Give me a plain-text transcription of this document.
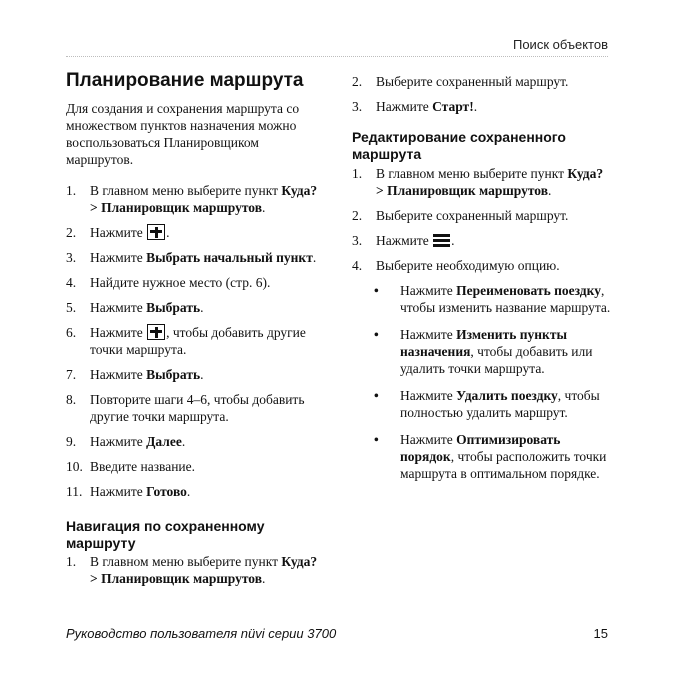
Поиск объектов
Планирование маршрута

Для создания и сохранения маршрута со множеством пунктов назначения можно воспользоваться Планировщиком маршрутов.

1. В главном меню выберите пункт Куда? > Планировщик маршрутов.
2. Нажмите .
3. Нажмите Выбрать начальный пункт.
4. Найдите нужное место (стр. 6).
5. Нажмите Выбрать.
6. Нажмите , чтобы добавить другие точки маршрута.
7. Нажмите Выбрать.
8. Повторите шаги 4–6, чтобы добавить другие точки маршрута.
9. Нажмите Далее.
10. Введите название.
11. Нажмите Готово.
Навигация по сохраненному маршруту
1. В главном меню выберите пункт Куда? > Планировщик маршрутов.
2. Выберите сохраненный маршрут.
3. Нажмите Старт!.
Редактирование сохраненного маршрута
1. В главном меню выберите пункт Куда? > Планировщик маршрутов.
2. Выберите сохраненный маршрут.
3. Нажмите
.
4. Выберите необходимую опцию.
• Нажмите Переименовать поездку, чтобы изменить название маршрута.
• Нажмите Изменить пункты назначения, чтобы добавить или удалить точки маршрута.
• Нажмите Удалить поездку, чтобы полностью удалить маршрут.
• Нажмите Оптимизировать порядок, чтобы расположить точки маршрута в оптимальном порядке.
Руководство пользователя nüvi серии 3700	15
